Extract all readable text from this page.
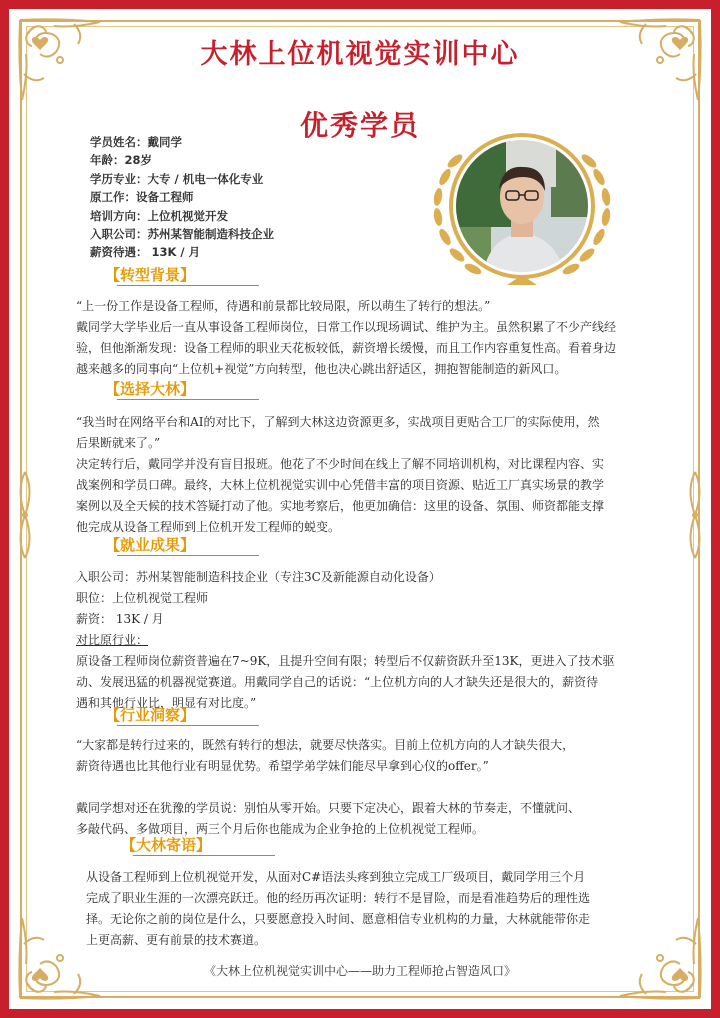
大林上位机视觉实训中心
优秀学员
学员姓名：戴同学
年龄：28岁
学历专业：大专 / 机电一体化专业
原工作：设备工程师
培训方向：上位机视觉开发
入职公司：苏州某智能制造科技企业
薪资待遇： 13K / 月
【转型背景】
“上一份工作是设备工程师，待遇和前景都比较局限，所以萌生了转行的想法。”
戴同学大学毕业后一直从事设备工程师岗位，日常工作以现场调试、维护为主。虽然积累了不少产线经
验，但他渐渐发现：设备工程师的职业天花板较低，薪资增长缓慢，而且工作内容重复性高。看着身边
越来越多的同事向“上位机+视觉”方向转型，他也决心跳出舒适区，拥抱智能制造的新风口。
【选择大林】
“我当时在网络平台和AI的对比下，了解到大林这边资源更多，实战项目更贴合工厂的实际使用，然
后果断就来了。”
决定转行后，戴同学并没有盲目报班。他花了不少时间在线上了解不同培训机构，对比课程内容、实
战案例和学员口碑。最终，大林上位机视觉实训中心凭借丰富的项目资源、贴近工厂真实场景的教学
案例以及全天候的技术答疑打动了他。实地考察后，他更加确信：这里的设备、氛围、师资都能支撑
他完成从设备工程师到上位机开发工程师的蜕变。
【就业成果】
入职公司：苏州某智能制造科技企业（专注3C及新能源自动化设备）
职位：上位机视觉工程师
薪资： 13K / 月
对比原行业：
原设备工程师岗位薪资普遍在7~9K，且提升空间有限；转型后不仅薪资跃升至13K，更进入了技术驱
动、发展迅猛的机器视觉赛道。用戴同学自己的话说：“上位机方向的人才缺失还是很大的，薪资待
遇和其他行业比，明显有对比度。”
【行业洞察】
“大家都是转行过来的，既然有转行的想法，就要尽快落实。目前上位机方向的人才缺失很大，
薪资待遇也比其他行业有明显优势。希望学弟学妹们能尽早拿到心仪的offer。”
戴同学想对还在犹豫的学员说：别怕从零开始。只要下定决心，跟着大林的节奏走，不懂就问、
多敲代码、多做项目，两三个月后你也能成为企业争抢的上位机视觉工程师。
【大林寄语】
从设备工程师到上位机视觉开发，从面对C#语法头疼到独立完成工厂级项目，戴同学用三个月
完成了职业生涯的一次漂亮跃迁。他的经历再次证明：转行不是冒险，而是看准趋势后的理性选
择。无论你之前的岗位是什么，只要愿意投入时间、愿意相信专业机构的力量，大林就能带你走
上更高薪、更有前景的技术赛道。
《大林上位机视觉实训中心——助力工程师抢占智造风口》
